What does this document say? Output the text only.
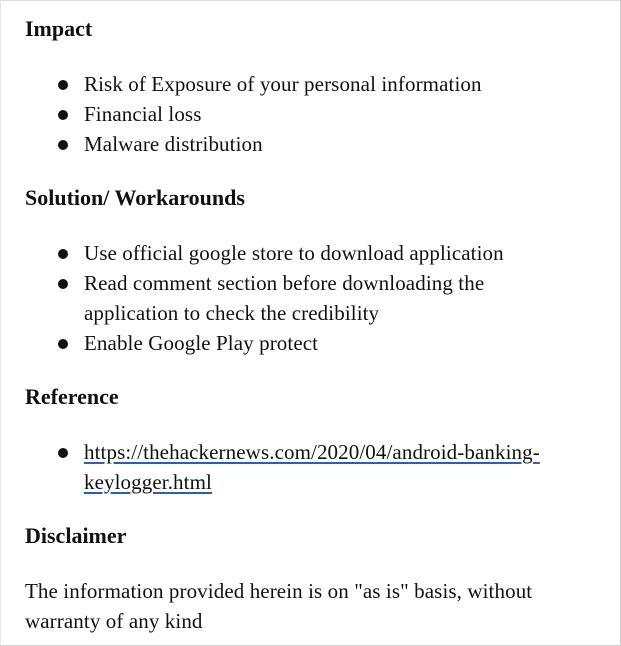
Impact
Risk of Exposure of your personal information
Financial loss
Malware distribution
Solution/ Workarounds
Use official google store to download application
Read comment section before downloading the application to check the credibility
Enable Google Play protect
Reference
https://thehackernews.com/2020/04/android-banking-
keylogger.html
Disclaimer

The information provided herein is on "as is" basis, without warranty of any kind
